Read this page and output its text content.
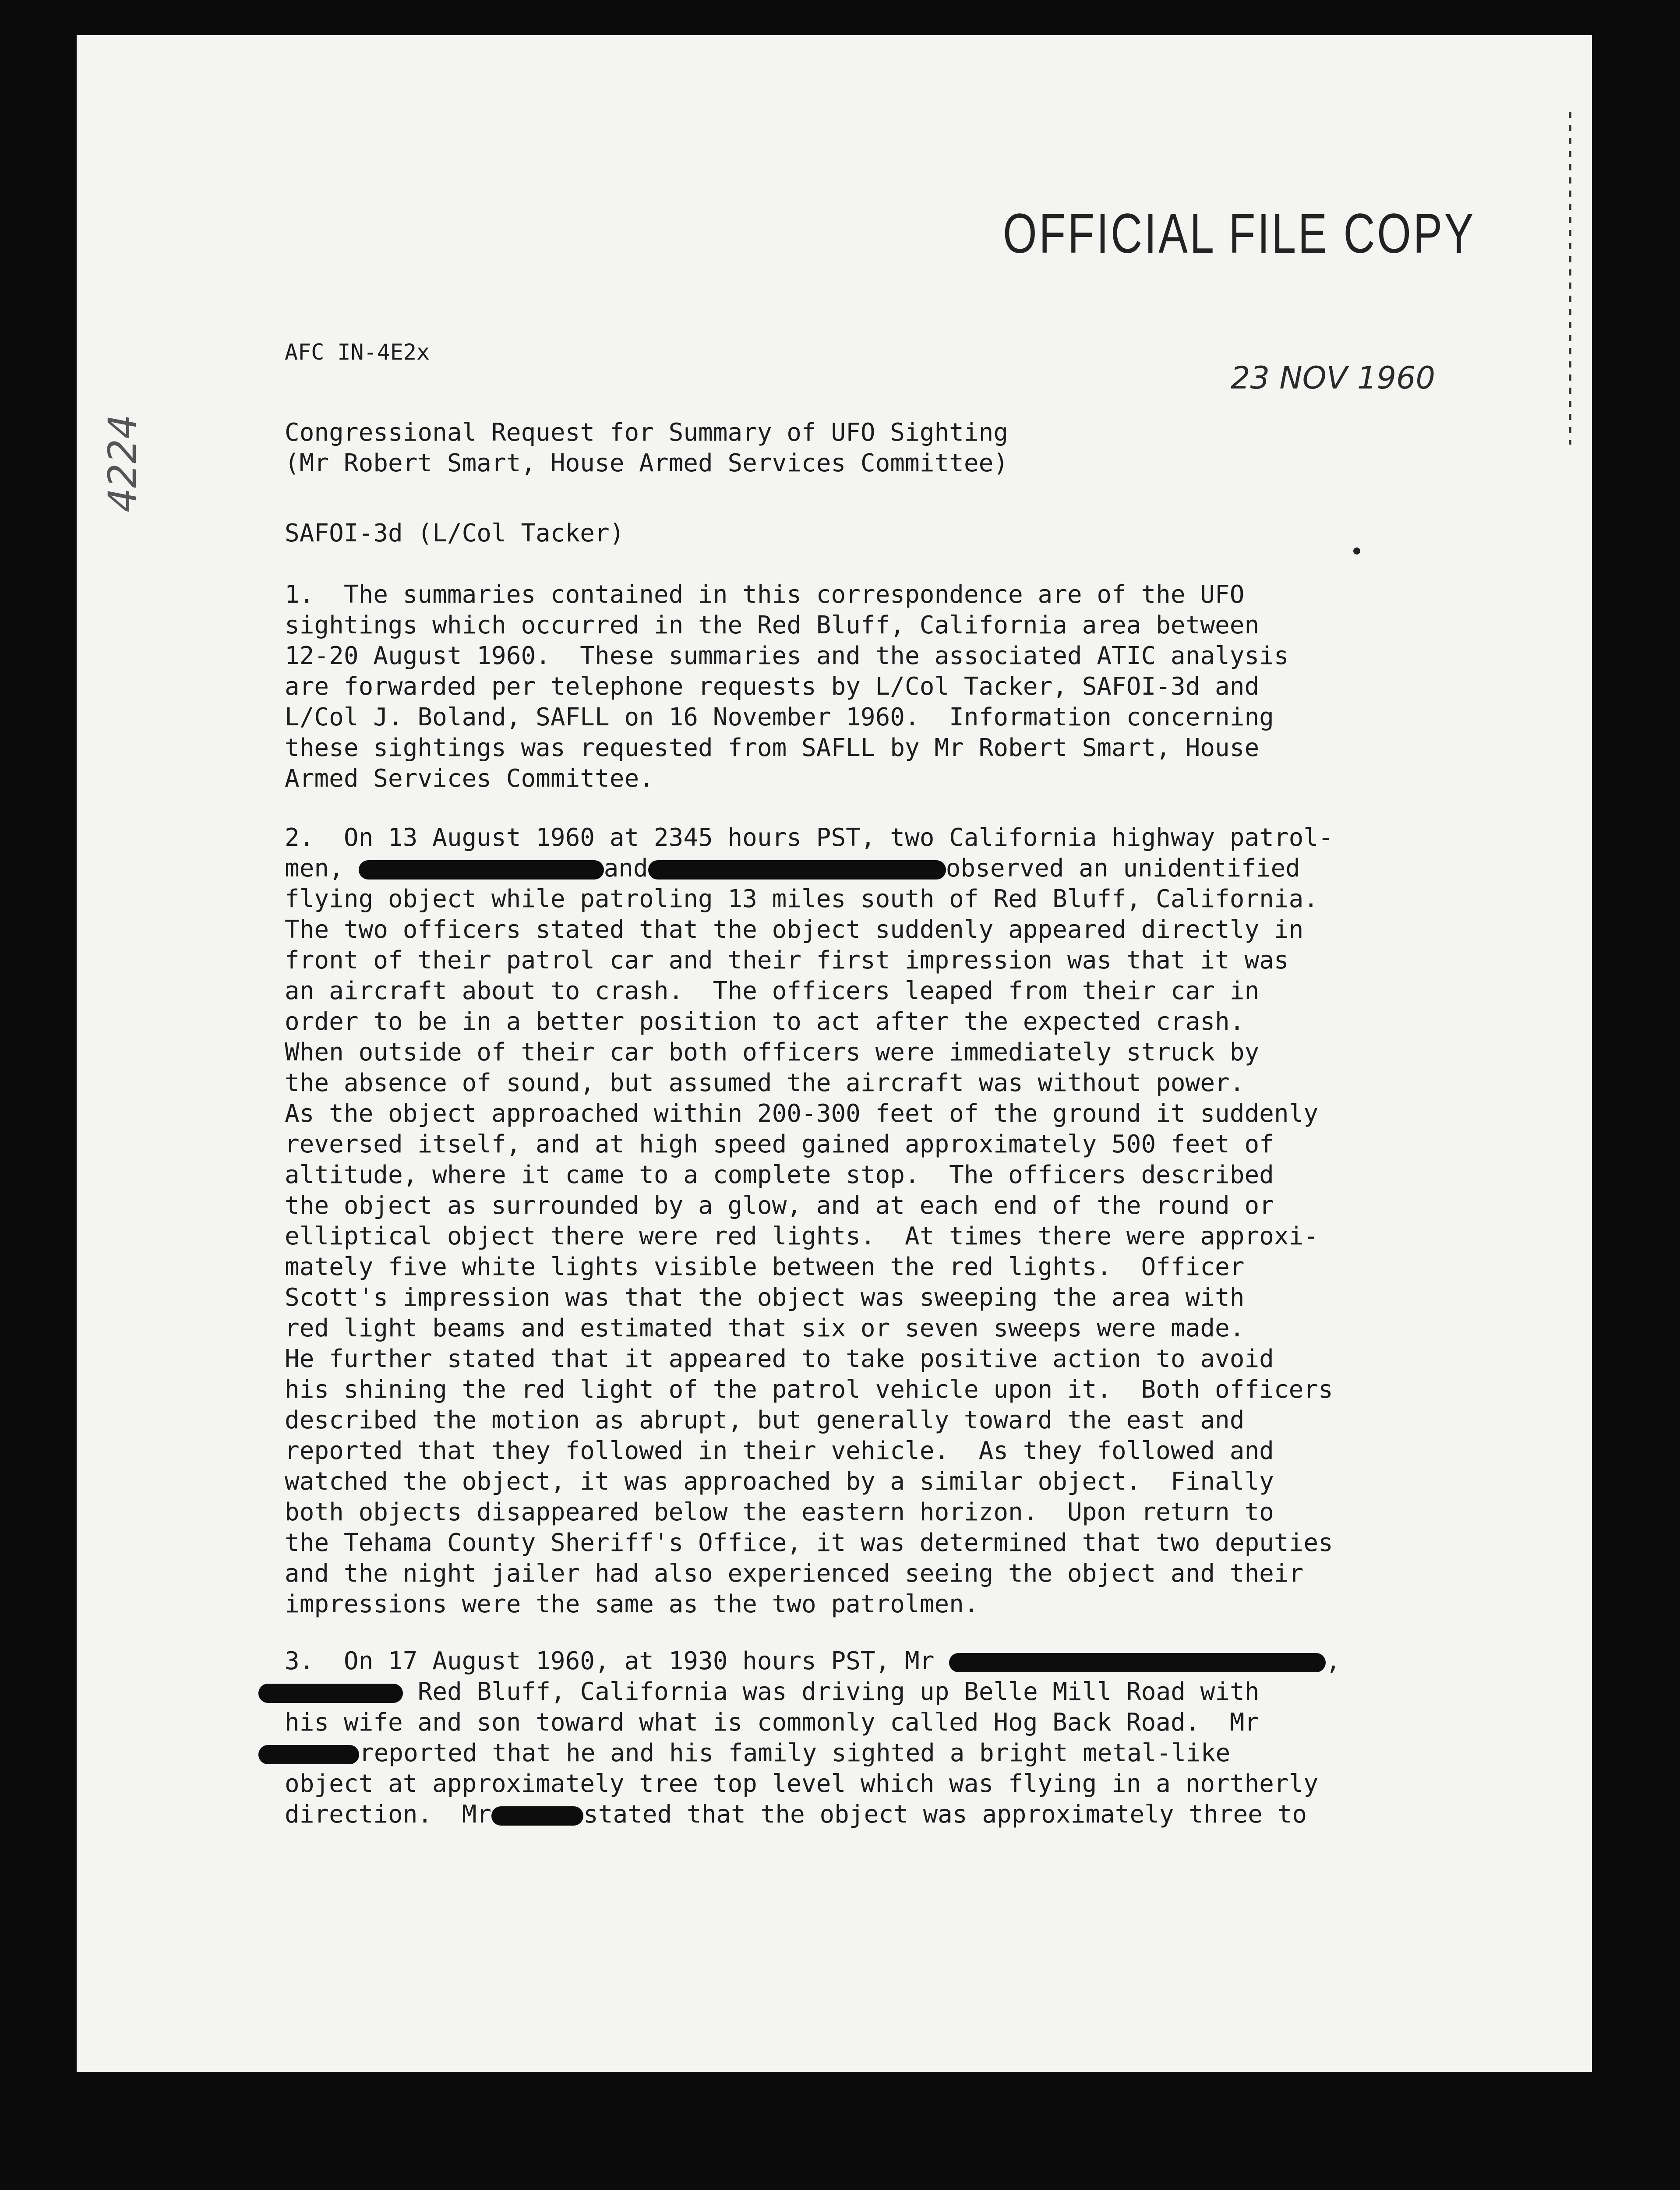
OFFICIAL FILE COPY
AFC IN-4E2x
23 NOV 1960
4224	Congressional Request for Summary of UFO Sighting
(Mr Robert Smart, House Armed Services Committee)
SAFOI-3d (L/Col Tacker)
1.  The summaries contained in this correspondence are of the UFO
sightings which occurred in the Red Bluff, California area between
12-20 August 1960.  These summaries and the associated ATIC analysis
are forwarded per telephone requests by L/Col Tacker, SAFOI-3d and
L/Col J. Boland, SAFLL on 16 November 1960.  Information concerning
these sightings was requested from SAFLL by Mr Robert Smart, House
Armed Services Committee.
2.  On 13 August 1960 at 2345 hours PST, two California highway patrol-
men,	and	observed an unidentified
flying object while patroling 13 miles south of Red Bluff, California.
The two officers stated that the object suddenly appeared directly in
front of their patrol car and their first impression was that it was
an aircraft about to crash.  The officers leaped from their car in
order to be in a better position to act after the expected crash.
When outside of their car both officers were immediately struck by
the absence of sound, but assumed the aircraft was without power.
As the object approached within 200-300 feet of the ground it suddenly
reversed itself, and at high speed gained approximately 500 feet of
altitude, where it came to a complete stop.  The officers described
the object as surrounded by a glow, and at each end of the round or
elliptical object there were red lights.  At times there were approxi-
mately five white lights visible between the red lights.  Officer
Scott's impression was that the object was sweeping the area with
red light beams and estimated that six or seven sweeps were made.
He further stated that it appeared to take positive action to avoid
his shining the red light of the patrol vehicle upon it.  Both officers
described the motion as abrupt, but generally toward the east and
reported that they followed in their vehicle.  As they followed and
watched the object, it was approached by a similar object.  Finally
both objects disappeared below the eastern horizon.  Upon return to
the Tehama County Sheriff's Office, it was determined that two deputies
and the night jailer had also experienced seeing the object and their
impressions were the same as the two patrolmen.
3.  On 17 August 1960, at 1930 hours PST, Mr	,
Red Bluff, California was driving up Belle Mill Road with
his wife and son toward what is commonly called Hog Back Road.  Mr
reported that he and his family sighted a bright metal-like
object at approximately tree top level which was flying in a northerly
direction.  Mr	stated that the object was approximately three to
